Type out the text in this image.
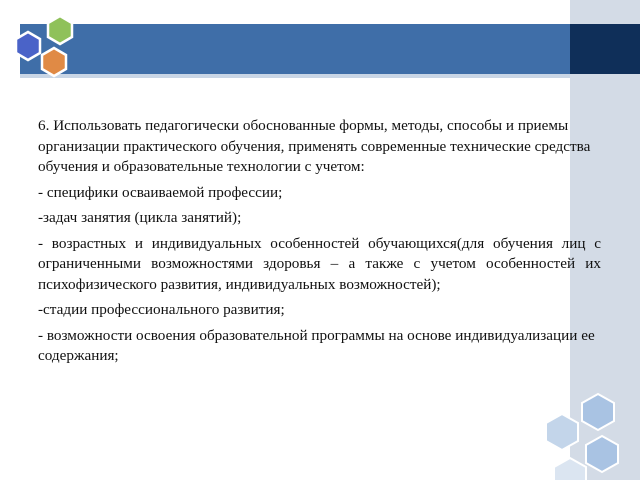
6. Использовать педагогически обоснованные формы, методы, способы и приемы организации практического обучения, применять современные технические средства обучения и образовательные технологии с учетом:

- специфики осваиваемой профессии;

-задач занятия (цикла занятий);

- возрастных и индивидуальных особенностей обучающихся(для обучения лиц с ограниченными возможностями здоровья – а также с учетом особенностей их психофизического развития, индивидуальных возможностей);

-стадии профессионального развития;

- возможности освоения образовательной программы на основе индивидуализации ее содержания;
